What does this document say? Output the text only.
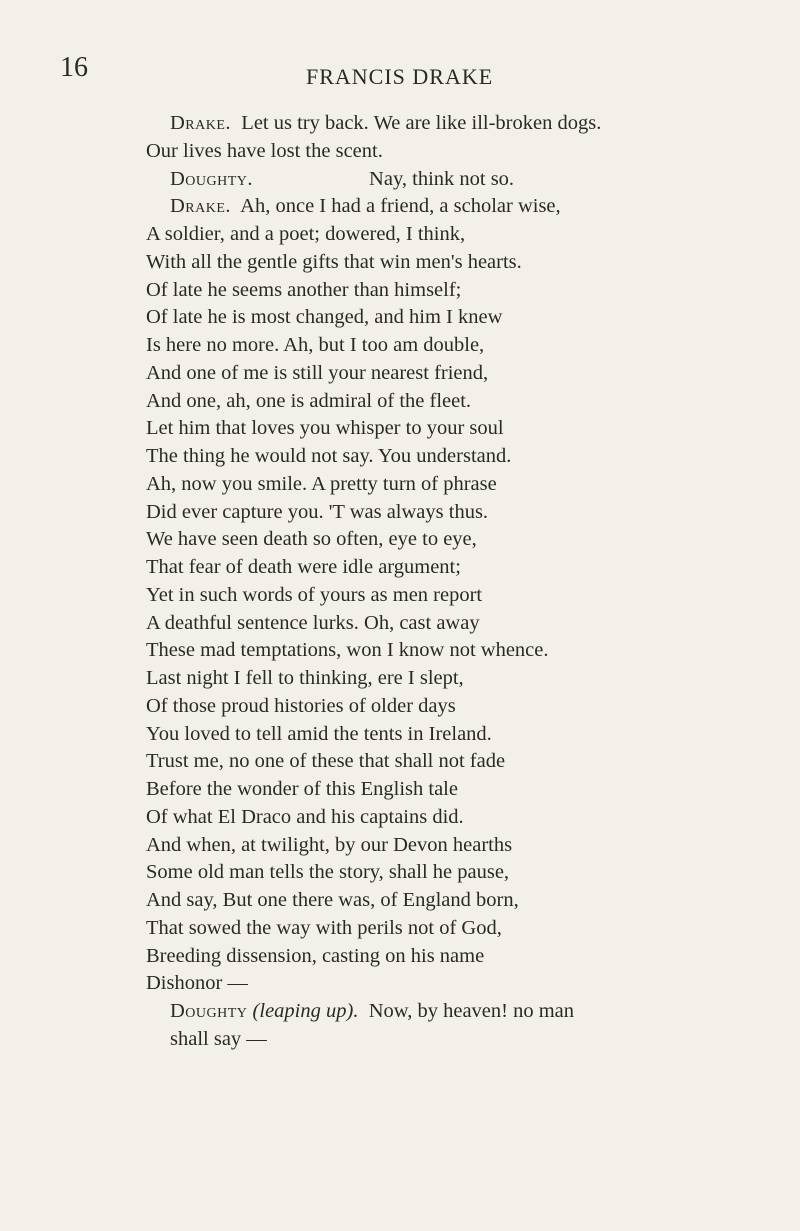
16	FRANCIS DRAKE

Drake. Let us try back. We are like ill-broken dogs.

Our lives have lost the scent.

Doughty.	Nay, think not so.

Drake. Ah, once I had a friend, a scholar wise,

A soldier, and a poet; dowered, I think,

With all the gentle gifts that win men's hearts.

Of late he seems another than himself;

Of late he is most changed, and him I knew

Is here no more. Ah, but I too am double,

And one of me is still your nearest friend,

And one, ah, one is admiral of the fleet.

Let him that loves you whisper to your soul

The thing he would not say. You understand.

Ah, now you smile. A pretty turn of phrase

Did ever capture you. 'T was always thus.

We have seen death so often, eye to eye,

That fear of death were idle argument;

Yet in such words of yours as men report

A deathful sentence lurks. Oh, cast away

These mad temptations, won I know not whence.

Last night I fell to thinking, ere I slept,

Of those proud histories of older days

You loved to tell amid the tents in Ireland.

Trust me, no one of these that shall not fade

Before the wonder of this English tale

Of what El Draco and his captains did.

And when, at twilight, by our Devon hearths

Some old man tells the story, shall he pause,

And say, But one there was, of England born,

That sowed the way with perils not of God,

Breeding dissension, casting on his name

Dishonor —

Doughty (leaping up). Now, by heaven! no man

shall say —
